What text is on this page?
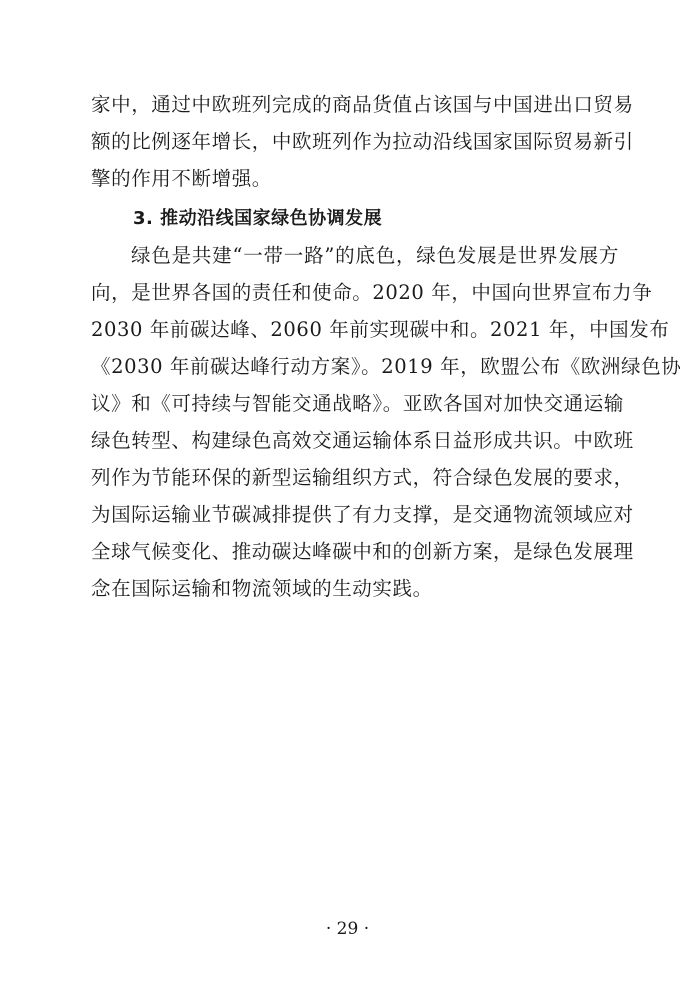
家中，通过中欧班列完成的商品货值占该国与中国进出口贸易
额的比例逐年增长，中欧班列作为拉动沿线国家国际贸易新引
擎的作用不断增强。
3. 推动沿线国家绿色协调发展
绿色是共建“一带一路”的底色，绿色发展是世界发展方
向，是世界各国的责任和使命。2020 年，中国向世界宣布力争
2030 年前碳达峰、2060 年前实现碳中和。2021 年，中国发布
《2030 年前碳达峰行动方案》。2019 年，欧盟公布《欧洲绿色协
议》和《可持续与智能交通战略》。亚欧各国对加快交通运输
绿色转型、构建绿色高效交通运输体系日益形成共识。中欧班
列作为节能环保的新型运输组织方式，符合绿色发展的要求，
为国际运输业节碳减排提供了有力支撑，是交通物流领域应对
全球气候变化、推动碳达峰碳中和的创新方案，是绿色发展理
念在国际运输和物流领域的生动实践。
· 29 ·
